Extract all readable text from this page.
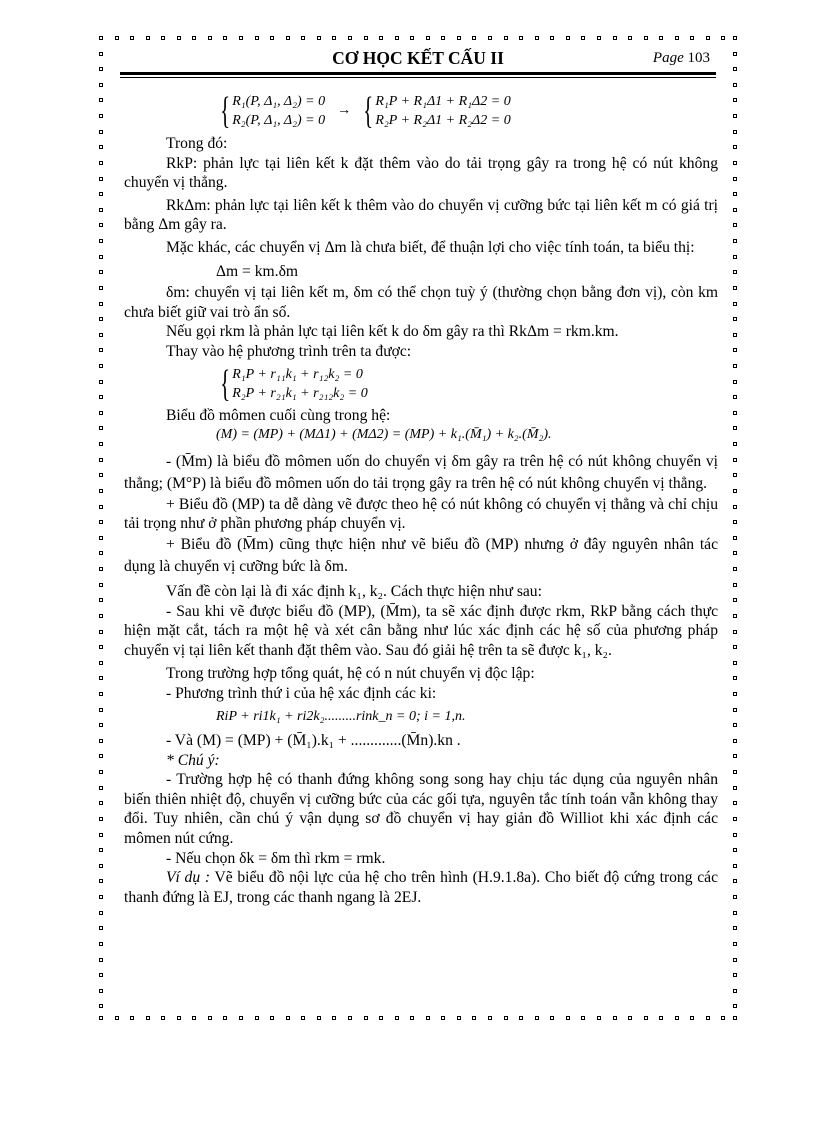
CƠ HỌC KẾT CẤU II	Page 103
{ R₁(P, Δ₁, Δ₂) = 0
R₂(P, Δ₁, Δ₂) = 0
→ { R₁P + R₁Δ1 + R₁Δ2 = 0
R₂P + R₂Δ1 + R₂Δ2 = 0

Trong đó:

RkP: phản lực tại liên kết k đặt thêm vào do tải trọng gây ra trong hệ có nút không chuyển vị thẳng.

RkΔm: phản lực tại liên kết k thêm vào do chuyển vị cưỡng bức tại liên kết m có giá trị bằng Δm gây ra.

Mặc khác, các chuyển vị Δm là chưa biết, để thuận lợi cho việc tính toán, ta biểu thị:

Δm = km.δm

δm: chuyển vị tại liên kết m, δm có thể chọn tuỳ ý (thường chọn bằng đơn vị), còn km chưa biết giữ vai trò ẩn số.

Nếu gọi rkm là phản lực tại liên kết k do δm gây ra thì RkΔm = rkm.km.

Thay vào hệ phương trình trên ta được:

{ R₁P + r₁₁k₁ + r₁₂k₂ = 0
R₂P + r₂₁k₁ + r₂₁₂k₂ = 0

Biểu đồ mômen cuối cùng trong hệ:

(M) = (MP) + (MΔ1) + (MΔ2) = (MP) + k₁.(M̄₁) + k₂.(M̄₂).

- (M̄m) là biểu đồ mômen uốn do chuyển vị δm gây ra trên hệ có nút không chuyển vị thẳng; (M°P) là biểu đồ mômen uốn do tải trọng gây ra trên hệ có nút không chuyển vị thẳng.

+ Biểu đồ (MP) ta dễ dàng vẽ được theo hệ có nút không có chuyển vị thẳng và chỉ chịu tải trọng như ở phần phương pháp chuyển vị.

+ Biểu đồ (M̄m) cũng thực hiện như vẽ biểu đồ (MP) nhưng ở đây nguyên nhân tác dụng là chuyển vị cưỡng bức là δm.

Vấn đề còn lại là đi xác định k₁, k₂. Cách thực hiện như sau:

- Sau khi vẽ được biểu đồ (MP), (M̄m), ta sẽ xác định được rkm, RkP bằng cách thực hiện mặt cắt, tách ra một hệ và xét cân bằng như lúc xác định các hệ số của phương pháp chuyển vị tại liên kết thanh đặt thêm vào. Sau đó giải hệ trên ta sẽ được k₁, k₂.

Trong trường hợp tổng quát, hệ có n nút chuyển vị độc lập:

- Phương trình thứ i của hệ xác định các ki:

RiP + ri1k₁ + ri2k₂.........rink_n = 0; i = 1,n.

- Và (M) = (MP) + (M̄₁).k₁ + .............(M̄n).kn .

* Chú ý:

- Trường hợp hệ có thanh đứng không song song hay chịu tác dụng của nguyên nhân biến thiên nhiệt độ, chuyển vị cưỡng bức của các gối tựa, nguyên tắc tính toán vẫn không thay đổi. Tuy nhiên, cần chú ý vận dụng sơ đồ chuyển vị hay giản đồ Williot khi xác định các mômen nút cứng.

- Nếu chọn δk = δm thì rkm = rmk.

Ví dụ : Vẽ biểu đồ nội lực của hệ cho trên hình (H.9.1.8a). Cho biết độ cứng trong các thanh đứng là EJ, trong các thanh ngang là 2EJ.
